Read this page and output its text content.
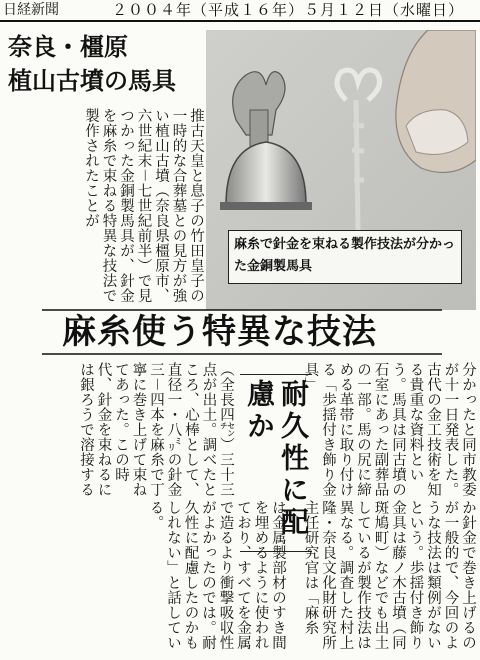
日経新聞	２００４年（平成１６年）５月１２日（水曜日）
奈良・橿原
植山古墳の馬具
推古天皇と息子の竹田皇子の一時的な合葬墓との見方が強い植山古墳（奈良県橿原市、六世紀末－七世紀前半）で見つかった金銅製馬具が、針金を麻糸で束ねる特異な技法で製作されたことが
麻糸で針金を束ねる製作技法が分かった金銅製馬具
麻糸使う特異な技法
分かったと同市教委が十一日発表した。古代の金工技術を知る貴重な資料という。馬具は同古墳の石室にあった副葬品の一部。馬の尻に締める革帯に取り付ける「歩揺付き飾り金具」
耐久性に配慮か
（全長四㌢）三十三点が出土。調べたところ、心棒として、直径一・八㍉の針金三－四本を麻糸で丁寧に巻き上げて束ねてあった。この時代、針金を束ねるには銀ろうで溶接する
か針金で巻き上げるのが一般的で、今回のような技法は類例がないという。歩揺付き飾り金具は藤ノ木古墳（同斑鳩町）などでも出土しているが製作技法は異なる。調査した村上隆・奈良文化財研究所主任研究官は「麻糸
は金属製部材のすき間を埋めるように使われており、すべてを金属で造るより衝撃吸収性がよかったのでは。耐久性に配慮したのかもしれない」と話している。
